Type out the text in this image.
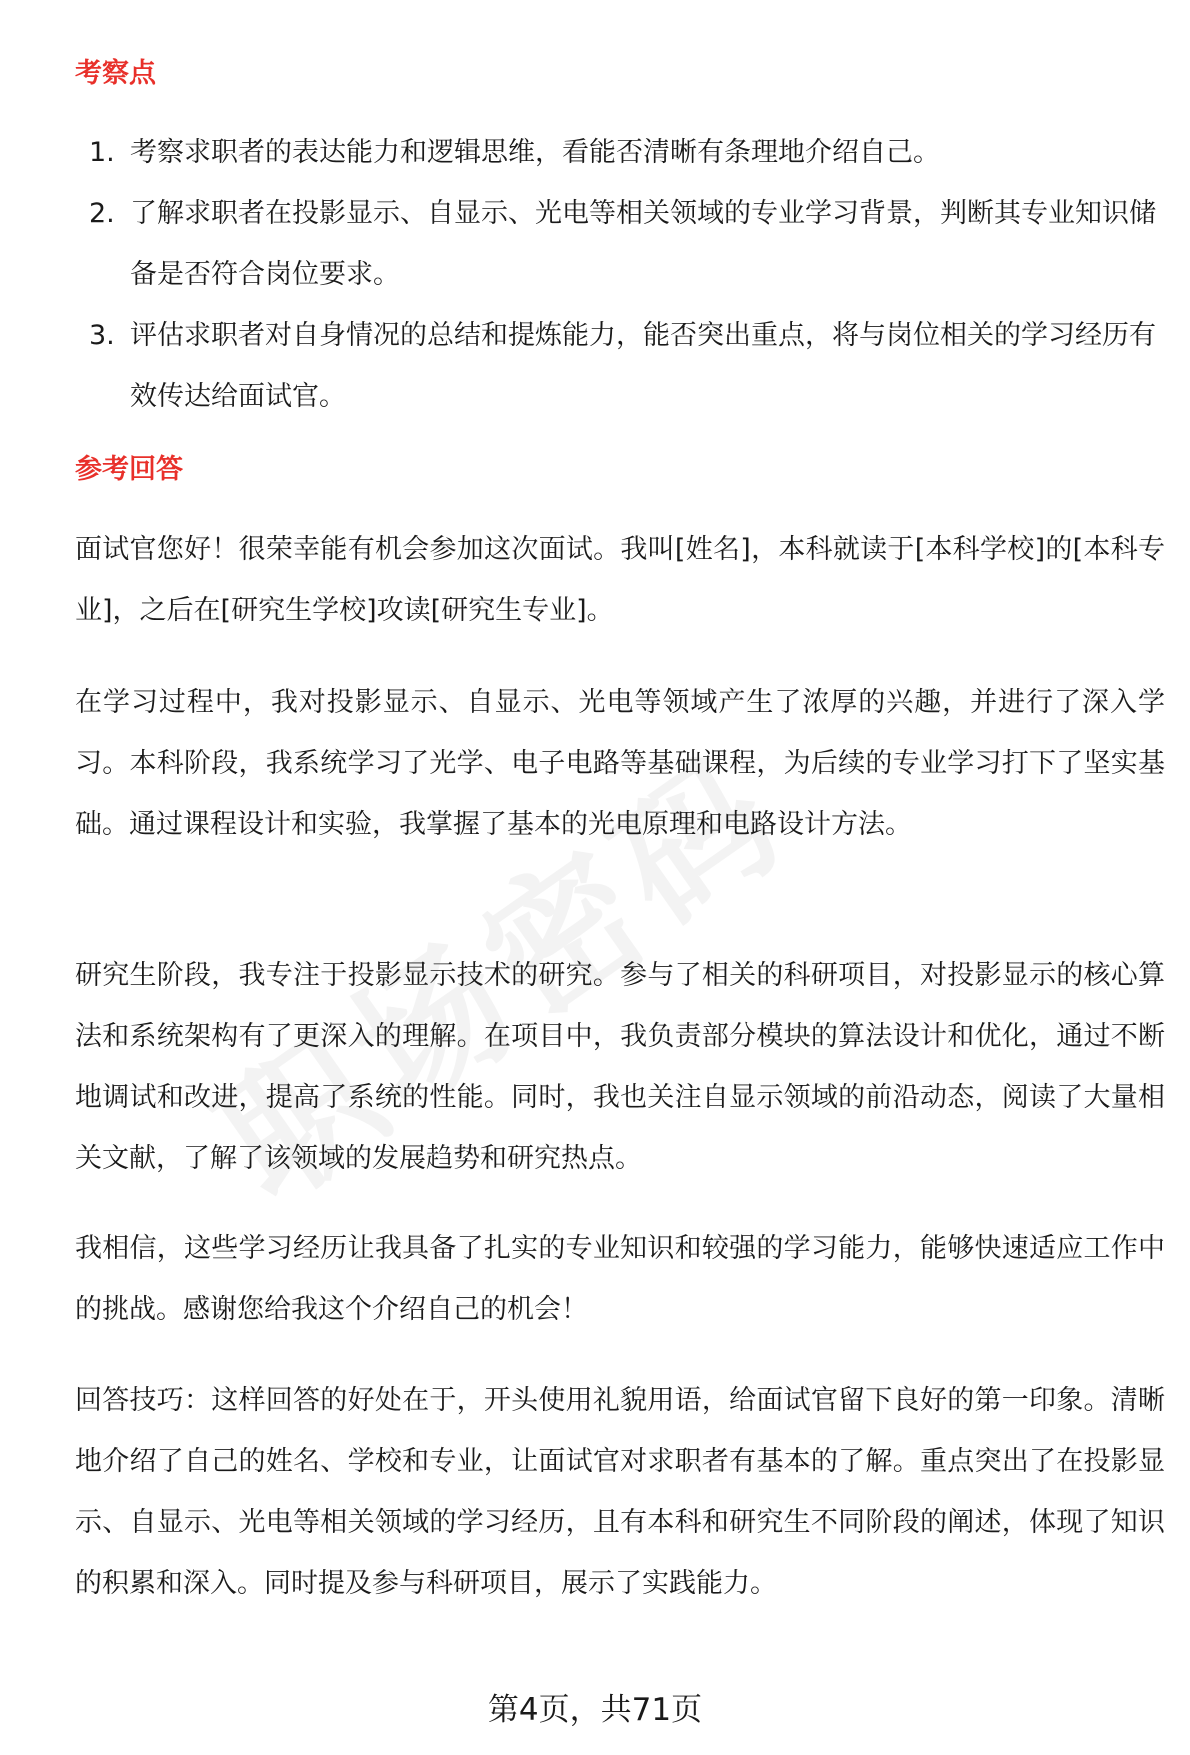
考察点
1. 考察求职者的表达能力和逻辑思维，看能否清晰有条理地介绍自己。
2. 了解求职者在投影显示、自显示、光电等相关领域的专业学习背景，判断其专业知识储备是否符合岗位要求。
3. 评估求职者对自身情况的总结和提炼能力，能否突出重点，将与岗位相关的学习经历有效传达给面试官。
参考回答

面试官您好！很荣幸能有机会参加这次面试。我叫[姓名]，本科就读于[本科学校]的[本科专业]，之后在[研究生学校]攻读[研究生专业]。

在学习过程中，我对投影显示、自显示、光电等领域产生了浓厚的兴趣，并进行了深入学习。本科阶段，我系统学习了光学、电子电路等基础课程，为后续的专业学习打下了坚实基础。通过课程设计和实验，我掌握了基本的光电原理和电路设计方法。

研究生阶段，我专注于投影显示技术的研究。参与了相关的科研项目，对投影显示的核心算法和系统架构有了更深入的理解。在项目中，我负责部分模块的算法设计和优化，通过不断地调试和改进，提高了系统的性能。同时，我也关注自显示领域的前沿动态，阅读了大量相关文献，了解了该领域的发展趋势和研究热点。

我相信，这些学习经历让我具备了扎实的专业知识和较强的学习能力，能够快速适应工作中的挑战。感谢您给我这个介绍自己的机会！

回答技巧：这样回答的好处在于，开头使用礼貌用语，给面试官留下良好的第一印象。清晰地介绍了自己的姓名、学校和专业，让面试官对求职者有基本的了解。重点突出了在投影显示、自显示、光电等相关领域的学习经历，且有本科和研究生不同阶段的阐述，体现了知识的积累和深入。同时提及参与科研项目，展示了实践能力。

第4页，共71页
